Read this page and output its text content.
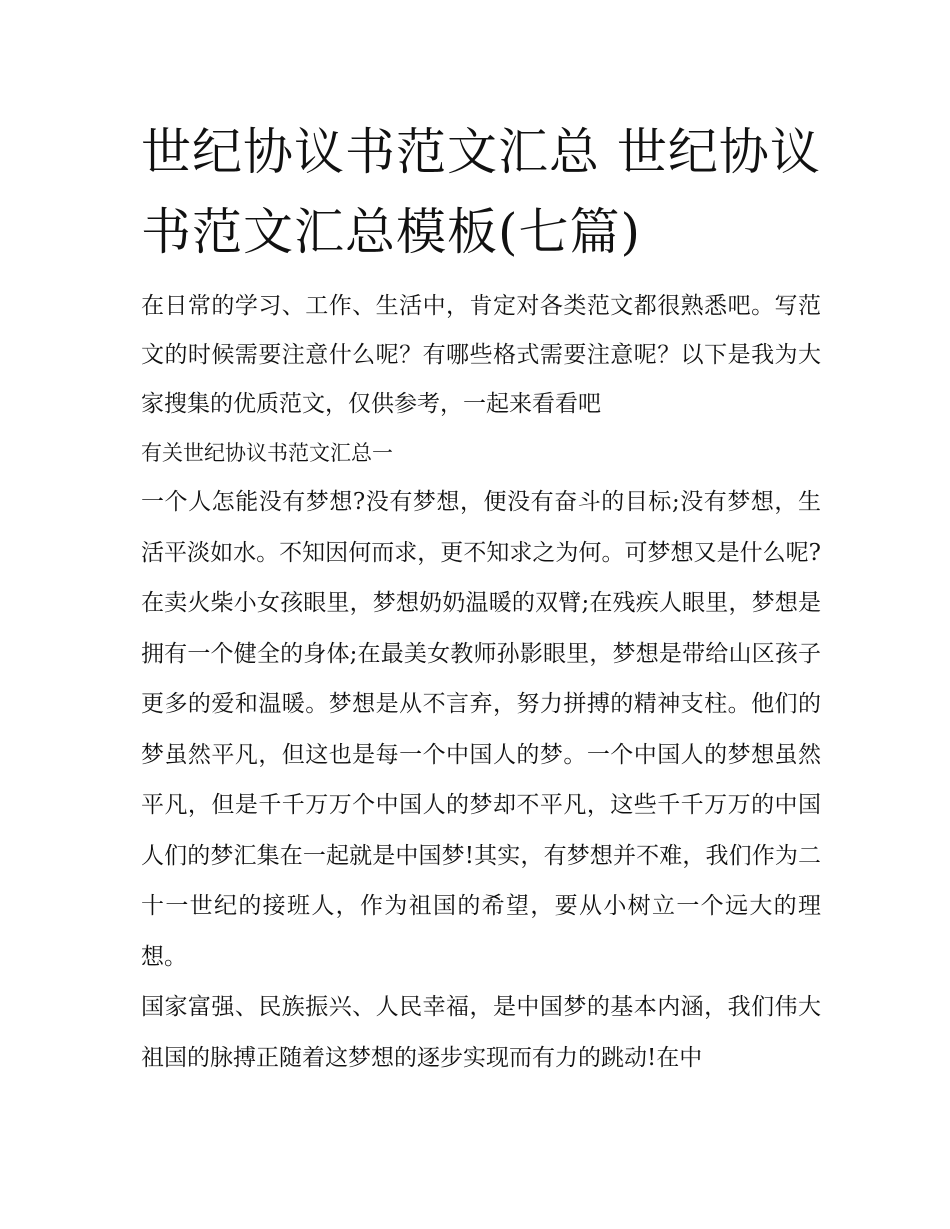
世纪协议书范文汇总 世纪协议书范文汇总模板(七篇)

在日常的学习、工作、生活中，肯定对各类范文都很熟悉吧。写范文的时候需要注意什么呢？有哪些格式需要注意呢？以下是我为大家搜集的优质范文，仅供参考，一起来看看吧

有关世纪协议书范文汇总一

一个人怎能没有梦想?没有梦想，便没有奋斗的目标;没有梦想，生活平淡如水。不知因何而求，更不知求之为何。可梦想又是什么呢?在卖火柴小女孩眼里，梦想奶奶温暖的双臂;在残疾人眼里，梦想是拥有一个健全的身体;在最美女教师孙影眼里，梦想是带给山区孩子更多的爱和温暖。梦想是从不言弃，努力拼搏的精神支柱。他们的梦虽然平凡，但这也是每一个中国人的梦。一个中国人的梦想虽然平凡，但是千千万万个中国人的梦却不平凡，这些千千万万的中国人们的梦汇集在一起就是中国梦!其实，有梦想并不难，我们作为二十一世纪的接班人，作为祖国的希望，要从小树立一个远大的理想。

国家富强、民族振兴、人民幸福，是中国梦的基本内涵，我们伟大祖国的脉搏正随着这梦想的逐步实现而有力的跳动!在中
